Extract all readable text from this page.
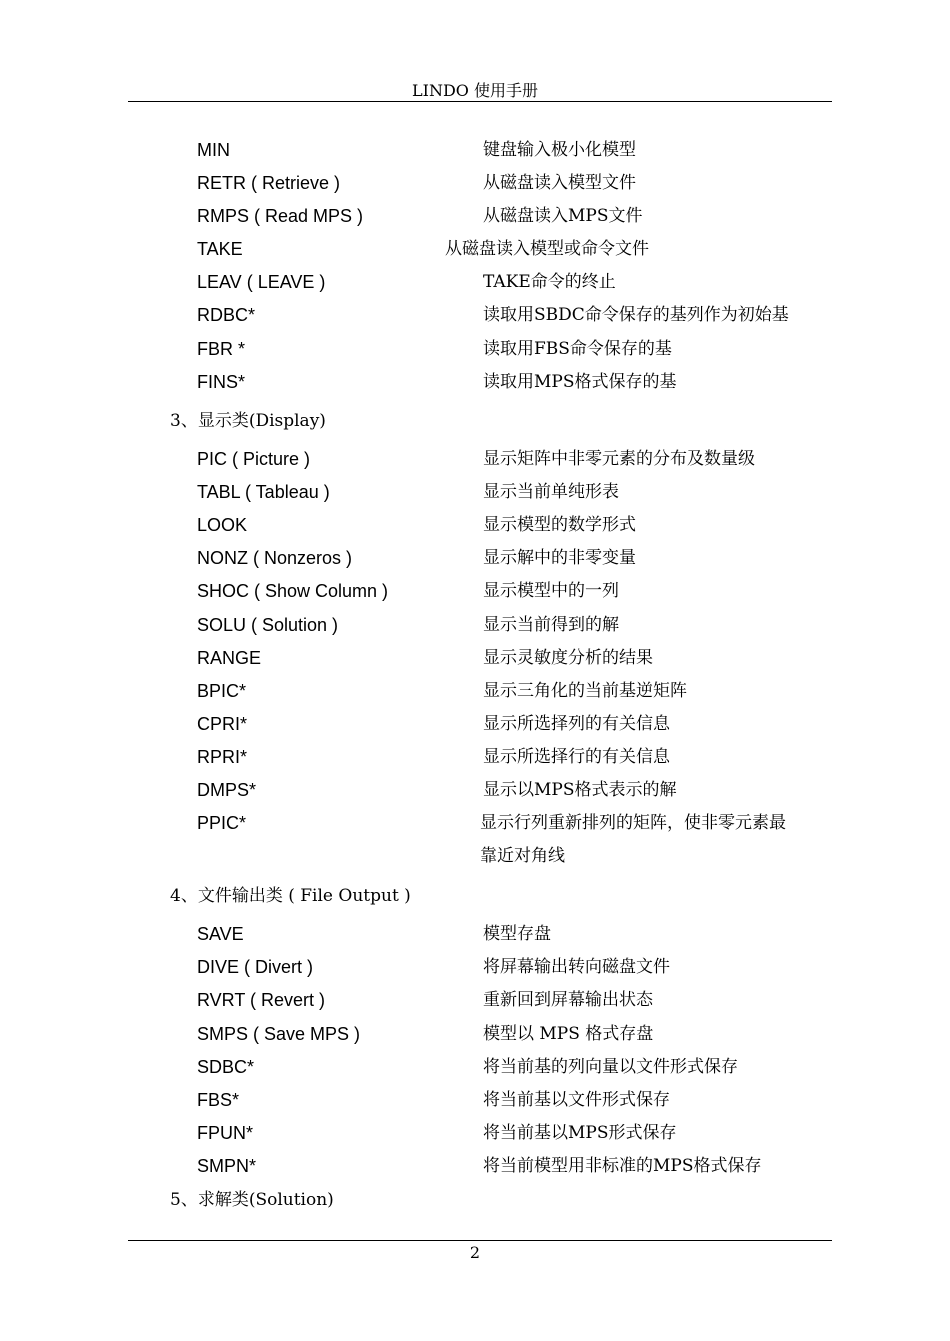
LINDO 使用手册
MIN	键盘输入极小化模型
RETR ( Retrieve )	从磁盘读入模型文件
RMPS ( Read MPS )	从磁盘读入MPS文件
TAKE	从磁盘读入模型或命令文件
LEAV ( LEAVE )	TAKE命令的终止
RDBC*	读取用SBDC命令保存的基列作为初始基
FBR *	读取用FBS命令保存的基
FINS*	读取用MPS格式保存的基
3、显示类(Display)
PIC ( Picture )	显示矩阵中非零元素的分布及数量级
TABL ( Tableau )	显示当前单纯形表
LOOK	显示模型的数学形式
NONZ ( Nonzeros )	显示解中的非零变量
SHOC ( Show Column )	显示模型中的一列
SOLU ( Solution )	显示当前得到的解
RANGE	显示灵敏度分析的结果
BPIC*	显示三角化的当前基逆矩阵
CPRI*	显示所选择列的有关信息
RPRI*	显示所选择行的有关信息
DMPS*	显示以MPS格式表示的解
PPIC*	显示行列重新排列的矩阵，使非零元素最
靠近对角线
4、文件输出类 ( File Output )
SAVE	模型存盘
DIVE ( Divert )	将屏幕输出转向磁盘文件
RVRT ( Revert )	重新回到屏幕输出状态
SMPS ( Save MPS )	模型以 MPS 格式存盘
SDBC*	将当前基的列向量以文件形式保存
FBS*	将当前基以文件形式保存
FPUN*	将当前基以MPS形式保存
SMPN*	将当前模型用非标准的MPS格式保存
5、求解类(Solution)
2
